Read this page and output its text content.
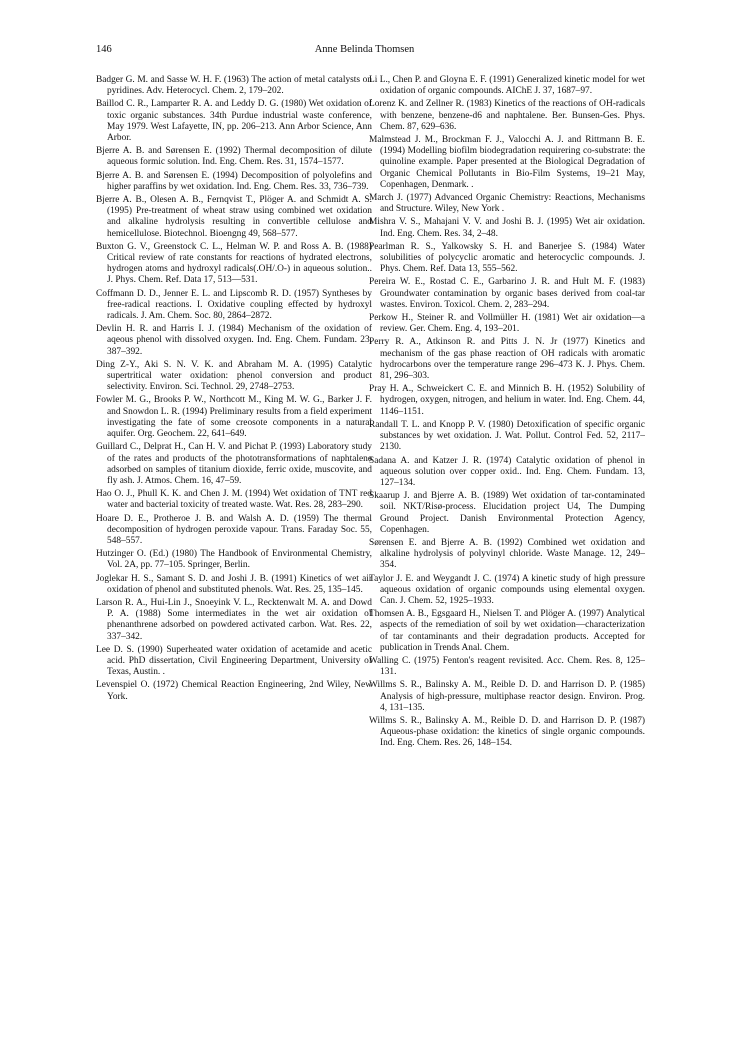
146	Anne Belinda Thomsen

Badger G. M. and Sasse W. H. F. (1963) The action of metal catalysts on pyridines. Adv. Heterocycl. Chem. 2, 179–202.

Baillod C. R., Lamparter R. A. and Leddy D. G. (1980) Wet oxidation of toxic organic substances. 34th Purdue industrial waste conference, May 1979. West Lafayette, IN, pp. 206–213. Ann Arbor Science, Ann Arbor.

Bjerre A. B. and Sørensen E. (1992) Thermal decomposition of dilute aqueous formic solution. Ind. Eng. Chem. Res. 31, 1574–1577.

Bjerre A. B. and Sørensen E. (1994) Decomposition of polyolefins and higher paraffins by wet oxidation. Ind. Eng. Chem. Res. 33, 736–739.

Bjerre A. B., Olesen A. B., Fernqvist T., Plöger A. and Schmidt A. S. (1995) Pre-treatment of wheat straw using combined wet oxidation and alkaline hydrolysis resulting in convertible cellulose and hemicellulose. Biotechnol. Bioengng 49, 568–577.

Buxton G. V., Greenstock C. L., Helman W. P. and Ross A. B. (1988) Critical review of rate constants for reactions of hydrated electrons, hydrogen atoms and hydroxyl radicals(.OH/.O-) in aqueous solution.. J. Phys. Chem. Ref. Data 17, 513—531.

Coffmann D. D., Jenner E. L. and Lipscomb R. D. (1957) Syntheses by free-radical reactions. I. Oxidative coupling effected by hydroxyl radicals. J. Am. Chem. Soc. 80, 2864–2872.

Devlin H. R. and Harris I. J. (1984) Mechanism of the oxidation of aqeous phenol with dissolved oxygen. Ind. Eng. Chem. Fundam. 23, 387–392.

Ding Z-Y., Aki S. N. V. K. and Abraham M. A. (1995) Catalytic supertritical water oxidation: phenol conversion and product selectivity. Environ. Sci. Technol. 29, 2748–2753.

Fowler M. G., Brooks P. W., Northcott M., King M. W. G., Barker J. F. and Snowdon L. R. (1994) Preliminary results from a field experiment investigating the fate of some creosote components in a natural aquifer. Org. Geochem. 22, 641–649.

Guillard C., Delprat H., Can H. V. and Pichat P. (1993) Laboratory study of the rates and products of the phototransformations of naphtalene adsorbed on samples of titanium dioxide, ferric oxide, muscovite, and fly ash. J. Atmos. Chem. 16, 47–59.

Hao O. J., Phull K. K. and Chen J. M. (1994) Wet oxidation of TNT red water and bacterial toxicity of treated waste. Wat. Res. 28, 283–290.

Hoare D. E., Protheroe J. B. and Walsh A. D. (1959) The thermal decomposition of hydrogen peroxide vapour. Trans. Faraday Soc. 55, 548–557.

Hutzinger O. (Ed.) (1980) The Handbook of Environmental Chemistry, Vol. 2A, pp. 77–105. Springer, Berlin.

Joglekar H. S., Samant S. D. and Joshi J. B. (1991) Kinetics of wet air oxidation of phenol and substituted phenols. Wat. Res. 25, 135–145.

Larson R. A., Hui-Lin J., Snoeyink V. L., Recktenwalt M. A. and Dowd P. A. (1988) Some intermediates in the wet air oxidation of phenanthrene adsorbed on powdered activated carbon. Wat. Res. 22, 337–342.

Lee D. S. (1990) Superheated water oxidation of acetamide and acetic acid. PhD dissertation, Civil Engineering Department, University of Texas, Austin. .

Levenspiel O. (1972) Chemical Reaction Engineering, 2nd Wiley, New York.

Li L., Chen P. and Gloyna E. F. (1991) Generalized kinetic model for wet oxidation of organic compounds. AIChE J. 37, 1687–97.

Lorenz K. and Zellner R. (1983) Kinetics of the reactions of OH-radicals with benzene, benzene-d6 and naphtalene. Ber. Bunsen-Ges. Phys. Chem. 87, 629–636.

Malmstead J. M., Brockman F. J., Valocchi A. J. and Rittmann B. E. (1994) Modelling biofilm biodegradation requirering co-substrate: the quinoline example. Paper presented at the Biological Degradation of Organic Chemical Pollutants in Bio-Film Systems, 19–21 May, Copenhagen, Denmark. .

March J. (1977) Advanced Organic Chemistry: Reactions, Mechanisms and Structure. Wiley, New York .

Mishra V. S., Mahajani V. V. and Joshi B. J. (1995) Wet air oxidation. Ind. Eng. Chem. Res. 34, 2–48.

Pearlman R. S., Yalkowsky S. H. and Banerjee S. (1984) Water solubilities of polycyclic aromatic and heterocyclic compounds. J. Phys. Chem. Ref. Data 13, 555–562.

Pereira W. E., Rostad C. E., Garbarino J. R. and Hult M. F. (1983) Groundwater contamination by organic bases derived from coal-tar wastes. Environ. Toxicol. Chem. 2, 283–294.

Perkow H., Steiner R. and Vollmüller H. (1981) Wet air oxidation—a review. Ger. Chem. Eng. 4, 193–201.

Perry R. A., Atkinson R. and Pitts J. N. Jr (1977) Kinetics and mechanism of the gas phase reaction of OH radicals with aromatic hydrocarbons over the temperature range 296–473 K. J. Phys. Chem. 81, 296–303.

Pray H. A., Schweickert C. E. and Minnich B. H. (1952) Solubility of hydrogen, oxygen, nitrogen, and helium in water. Ind. Eng. Chem. 44, 1146–1151.

Randall T. L. and Knopp P. V. (1980) Detoxification of specific organic substances by wet oxidation. J. Wat. Pollut. Control Fed. 52, 2117–2130.

Sadana A. and Katzer J. R. (1974) Catalytic oxidation of phenol in aqueous solution over copper oxid.. Ind. Eng. Chem. Fundam. 13, 127–134.

Skaarup J. and Bjerre A. B. (1989) Wet oxidation of tar-contaminated soil. NKT/Risø-process. Elucidation project U4, The Dumping Ground Project. Danish Environmental Protection Agency, Copenhagen.

Sørensen E. and Bjerre A. B. (1992) Combined wet oxidation and alkaline hydrolysis of polyvinyl chloride. Waste Manage. 12, 249–354.

Taylor J. E. and Weygandt J. C. (1974) A kinetic study of high pressure aqueous oxidation of organic compounds using elemental oxygen. Can. J. Chem. 52, 1925–1933.

Thomsen A. B., Egsgaard H., Nielsen T. and Plöger A. (1997) Analytical aspects of the remediation of soil by wet oxidation—characterization of tar contaminants and their degradation products. Accepted for publication in Trends Anal. Chem.

Walling C. (1975) Fenton's reagent revisited. Acc. Chem. Res. 8, 125–131.

Willms S. R., Balinsky A. M., Reible D. D. and Harrison D. P. (1985) Analysis of high-pressure, multiphase reactor design. Environ. Prog. 4, 131–135.

Willms S. R., Balinsky A. M., Reible D. D. and Harrison D. P. (1987) Aqueous-phase oxidation: the kinetics of single organic compounds. Ind. Eng. Chem. Res. 26, 148–154.
